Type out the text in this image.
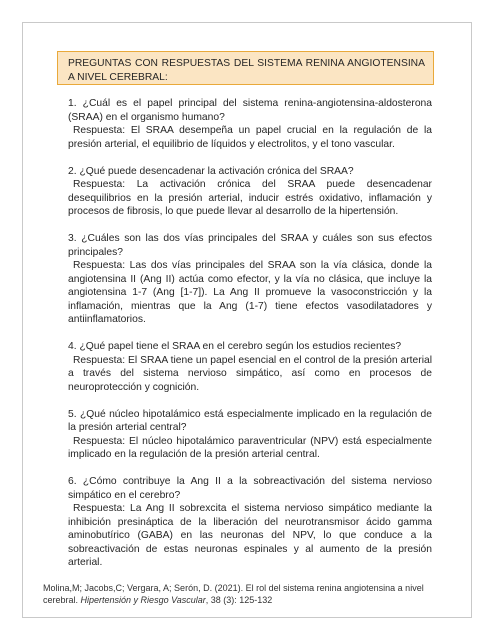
PREGUNTAS CON RESPUESTAS DEL SISTEMA RENINA ANGIOTENSINA A NIVEL CEREBRAL:
1. ¿Cuál es el papel principal del sistema renina-angiotensina-aldosterona (SRAA) en el organismo humano?
Respuesta: El SRAA desempeña un papel crucial en la regulación de la presión arterial, el equilibrio de líquidos y electrolitos, y el tono vascular.
2. ¿Qué puede desencadenar la activación crónica del SRAA?
Respuesta: La activación crónica del SRAA puede desencadenar desequilibrios en la presión arterial, inducir estrés oxidativo, inflamación y procesos de fibrosis, lo que puede llevar al desarrollo de la hipertensión.
3. ¿Cuáles son las dos vías principales del SRAA y cuáles son sus efectos principales?
Respuesta: Las dos vías principales del SRAA son la vía clásica, donde la angiotensina II (Ang II) actúa como efector, y la vía no clásica, que incluye la angiotensina 1-7 (Ang [1-7]). La Ang II promueve la vasoconstricción y la inflamación, mientras que la Ang (1-7) tiene efectos vasodilatadores y antiinflamatorios.
4. ¿Qué papel tiene el SRAA en el cerebro según los estudios recientes?
Respuesta: El SRAA tiene un papel esencial en el control de la presión arterial a través del sistema nervioso simpático, así como en procesos de neuroprotección y cognición.
5. ¿Qué núcleo hipotalámico está especialmente implicado en la regulación de la presión arterial central?
Respuesta: El núcleo hipotalámico paraventricular (NPV) está especialmente implicado en la regulación de la presión arterial central.
6. ¿Cómo contribuye la Ang II a la sobreactivación del sistema nervioso simpático en el cerebro?
Respuesta: La Ang II sobrexcita el sistema nervioso simpático mediante la inhibición presináptica de la liberación del neurotransmisor ácido gamma aminobutírico (GABA) en las neuronas del NPV, lo que conduce a la sobreactivación de estas neuronas espinales y al aumento de la presión arterial.
Molina,M; Jacobs,C; Vergara, A; Serón, D. (2021). El rol del sistema renina angiotensina a nivel cerebral. Hipertensión y Riesgo Vascular, 38 (3): 125-132
